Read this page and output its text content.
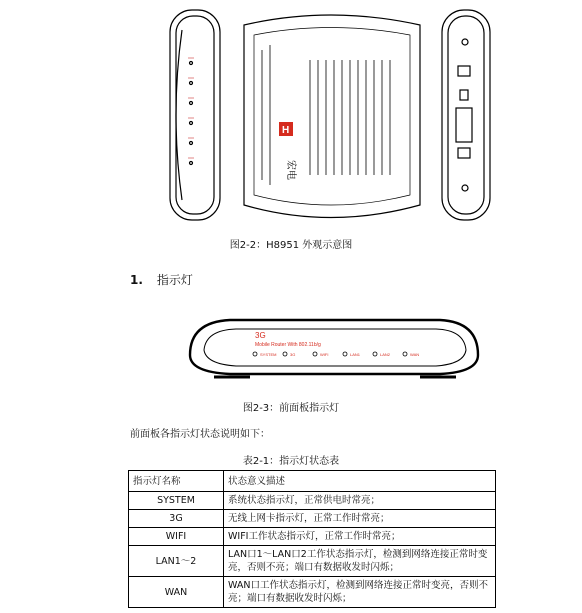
H
宏电
图2-2：H8951 外观示意图
1. 指示灯
3G
Mobile Router With 802.11b/g
SYSTEM	3G	WIFI	LAN1	LAN2	WAN
图2-3：前面板指示灯
前面板各指示灯状态说明如下：
表2-1：指示灯状态表
指示灯名称	状态意义描述
SYSTEM	系统状态指示灯，正常供电时常亮；
3G	无线上网卡指示灯，正常工作时常亮；
WIFI	WIFI工作状态指示灯，正常工作时常亮；
LAN1～2	LAN口1～LAN口2工作状态指示灯，检测到网络连接正常时变亮，否则不亮；端口有数据收发时闪烁；
WAN	WAN口工作状态指示灯，检测到网络连接正常时变亮，否则不亮；端口有数据收发时闪烁；
